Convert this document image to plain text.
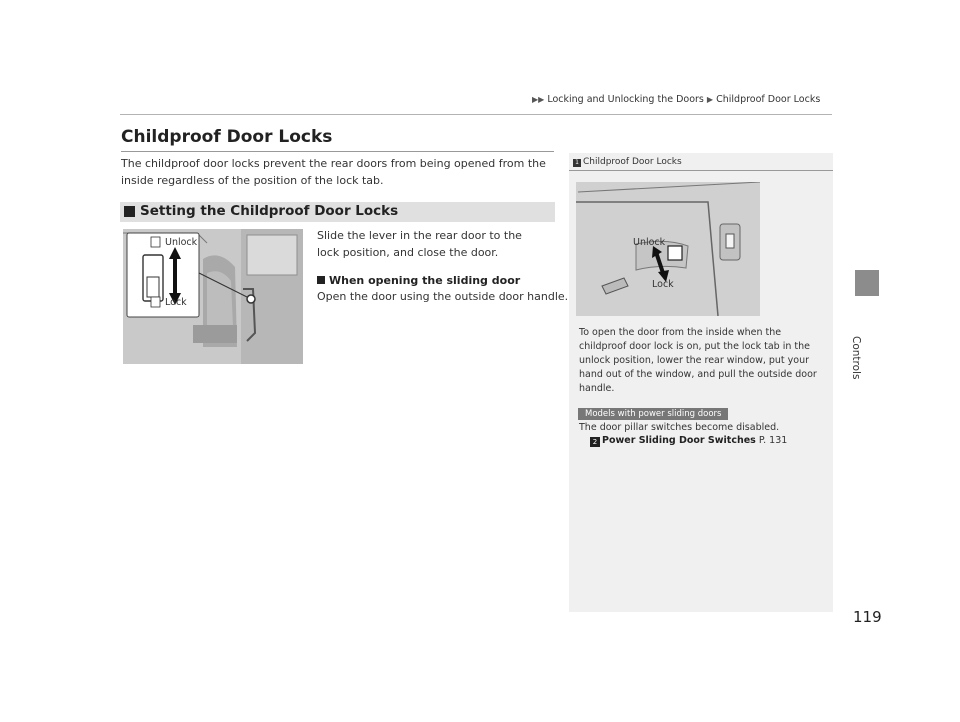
▶▶ Locking and Unlocking the Doors ▶ Childproof Door Locks
Controls
Childproof Door Locks
The childproof door locks prevent the rear doors from being opened from the inside regardless of the position of the lock tab.
Setting the Childproof Door Locks
Unlock
Lock
Slide the lever in the rear door to the lock position, and close the door.
When opening the sliding door
Open the door using the outside door handle.
1 Childproof Door Locks
Unlock
Lock
To open the door from the inside when the childproof door lock is on, put the lock tab in the unlock position, lower the rear window, put your hand out of the window, and pull the outside door handle.
Models with power sliding doors
The door pillar switches become disabled.
2 Power Sliding Door Switches P. 131
119
